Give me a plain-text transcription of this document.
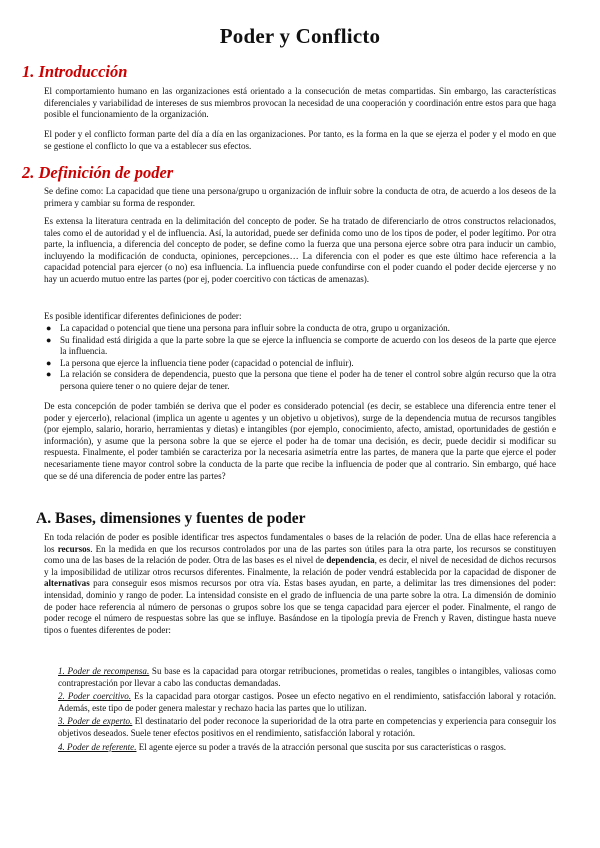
Poder y Conflicto
1. Introducción

El comportamiento humano en las organizaciones está orientado a la consecución de metas compartidas. Sin embargo, las características diferenciales y variabilidad de intereses de sus miembros provocan la necesidad de una cooperación y coordinación entre estos para que haga posible el funcionamiento de la organización.

El poder y el conflicto forman parte del día a día en las organizaciones. Por tanto, es la forma en la que se ejerza el poder y el modo en que se gestione el conflicto lo que va a establecer sus efectos.

2. Definición de poder

Se define como: La capacidad que tiene una persona/grupo u organización de influir sobre la conducta de otra, de acuerdo a los deseos de la primera y cambiar su forma de responder.

Es extensa la literatura centrada en la delimitación del concepto de poder. Se ha tratado de diferenciarlo de otros constructos relacionados, tales como el de autoridad y el de influencia. Así, la autoridad, puede ser definida como uno de los tipos de poder, el poder legítimo. Por otra parte, la influencia, a diferencia del concepto de poder, se define como la fuerza que una persona ejerce sobre otra para inducir un cambio, incluyendo la modificación de conducta, opiniones, percepciones… La diferencia con el poder es que este último hace referencia a la capacidad potencial para ejercer (o no) esa influencia. La influencia puede confundirse con el poder cuando el poder decide ejercerse y no hay un acuerdo mutuo entre las partes (por ej, poder coercitivo con tácticas de amenazas).

Es posible identificar diferentes definiciones de poder:

● La capacidad o potencial que tiene una persona para influir sobre la conducta de otra, grupo u organización.
● Su finalidad está dirigida a que la parte sobre la que se ejerce la influencia se comporte de acuerdo con los deseos de la parte que ejerce la influencia.
● La persona que ejerce la influencia tiene poder (capacidad o potencial de influir).
● La relación se considera de dependencia, puesto que la persona que tiene el poder ha de tener el control sobre algún recurso que la otra persona quiere tener o no quiere dejar de tener.

De esta concepción de poder también se deriva que el poder es considerado potencial (es decir, se establece una diferencia entre tener el poder y ejercerlo), relacional (implica un agente u agentes y un objetivo u objetivos), surge de la dependencia mutua de recursos tangibles (por ejemplo, salario, horario, herramientas y dietas) e intangibles (por ejemplo, conocimiento, afecto, amistad, oportunidades de gestión e información), y asume que la persona sobre la que se ejerce el poder ha de tomar una decisión, es decir, puede decidir si modificar su respuesta. Finalmente, el poder también se caracteriza por la necesaria asimetría entre las partes, de manera que la parte que ejerce el poder necesariamente tiene mayor control sobre la conducta de la parte que recibe la influencia de poder que al contrario. Sin embargo, qué hace que se dé una diferencia de poder entre las partes?

A. Bases, dimensiones y fuentes de poder

En toda relación de poder es posible identificar tres aspectos fundamentales o bases de la relación de poder. Una de ellas hace referencia a los recursos. En la medida en que los recursos controlados por una de las partes son útiles para la otra parte, los recursos se constituyen como una de las bases de la relación de poder. Otra de las bases es el nivel de dependencia, es decir, el nivel de necesidad de dichos recursos y la imposibilidad de utilizar otros recursos diferentes. Finalmente, la relación de poder vendrá establecida por la capacidad de disponer de alternativas para conseguir esos mismos recursos por otra vía. Estas bases ayudan, en parte, a delimitar las tres dimensiones del poder: intensidad, dominio y rango de poder. La intensidad consiste en el grado de influencia de una parte sobre la otra. La dimensión de dominio de poder hace referencia al número de personas o grupos sobre los que se tenga capacidad para ejercer el poder. Finalmente, el rango de poder recoge el número de respuestas sobre las que se influye. Basándose en la tipología previa de French y Raven, distingue hasta nueve tipos o fuentes diferentes de poder:

1. Poder de recompensa. Su base es la capacidad para otorgar retribuciones, prometidas o reales, tangibles o intangibles, valiosas como contraprestación por llevar a cabo las conductas demandadas.

2. Poder coercitivo. Es la capacidad para otorgar castigos. Posee un efecto negativo en el rendimiento, satisfacción laboral y rotación. Además, este tipo de poder genera malestar y rechazo hacia las partes que lo utilizan.

3. Poder de experto. El destinatario del poder reconoce la superioridad de la otra parte en competencias y experiencia para conseguir los objetivos deseados. Suele tener efectos positivos en el rendimiento, satisfacción laboral y rotación.

4. Poder de referente. El agente ejerce su poder a través de la atracción personal que suscita por sus características o rasgos.
